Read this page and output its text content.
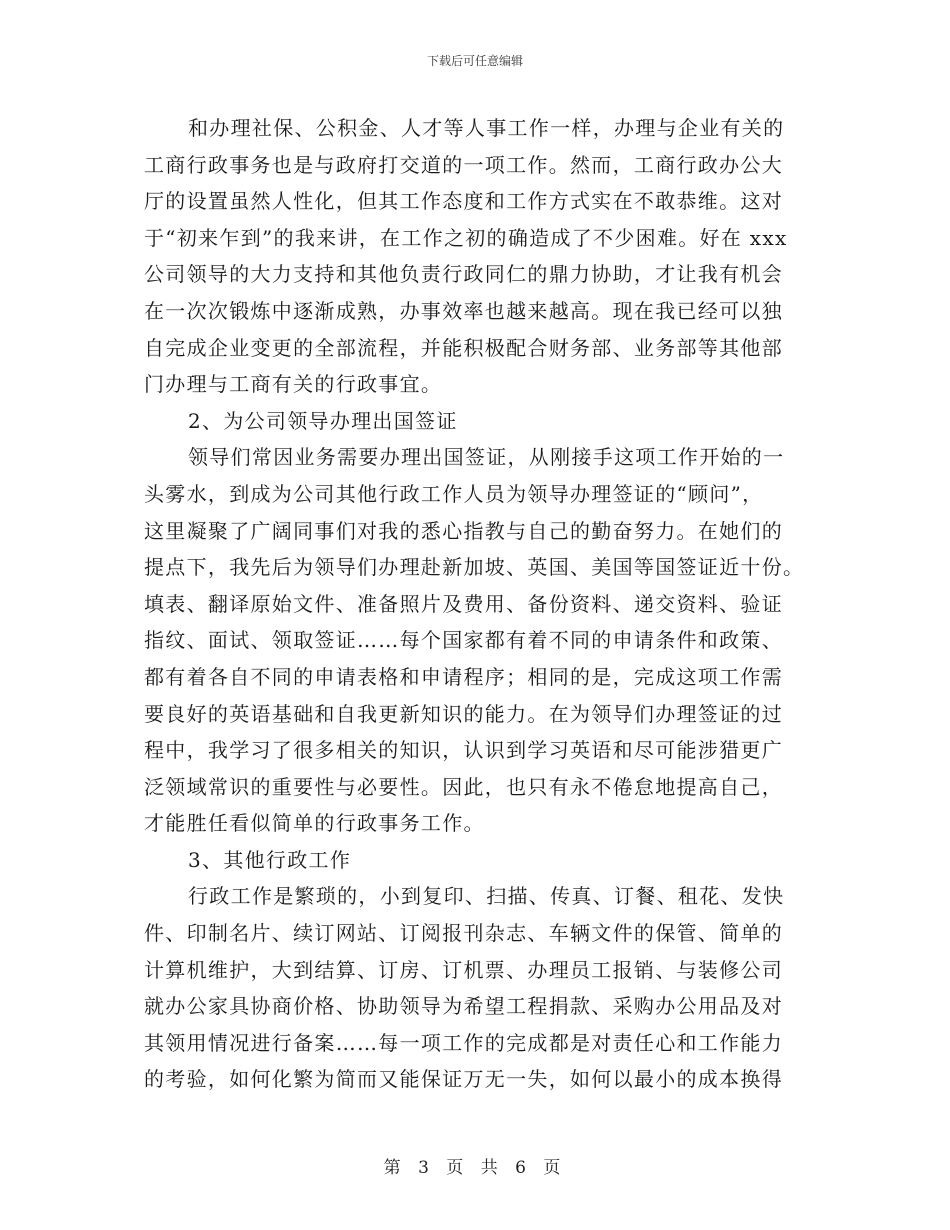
下载后可任意编辑
和办理社保、公积金、人才等人事工作一样，办理与企业有关的
工商行政事务也是与政府打交道的一项工作。然而，工商行政办公大
厅的设置虽然人性化，但其工作态度和工作方式实在不敢恭维。这对
于“初来乍到”的我来讲，在工作之初的确造成了不少困难。好在 xxx
公司领导的大力支持和其他负责行政同仁的鼎力协助，才让我有机会
在一次次锻炼中逐渐成熟，办事效率也越来越高。现在我已经可以独
自完成企业变更的全部流程，并能积极配合财务部、业务部等其他部
门办理与工商有关的行政事宜。
2、为公司领导办理出国签证
领导们常因业务需要办理出国签证，从刚接手这项工作开始的一
头雾水，到成为公司其他行政工作人员为领导办理签证的“顾问”，
这里凝聚了广阔同事们对我的悉心指教与自己的勤奋努力。在她们的
提点下，我先后为领导们办理赴新加坡、英国、美国等国签证近十份。
填表、翻译原始文件、准备照片及费用、备份资料、递交资料、验证
指纹、面试、领取签证……每个国家都有着不同的申请条件和政策、
都有着各自不同的申请表格和申请程序；相同的是，完成这项工作需
要良好的英语基础和自我更新知识的能力。在为领导们办理签证的过
程中，我学习了很多相关的知识，认识到学习英语和尽可能涉猎更广
泛领域常识的重要性与必要性。因此，也只有永不倦怠地提高自己，
才能胜任看似简单的行政事务工作。
3、其他行政工作
行政工作是繁琐的，小到复印、扫描、传真、订餐、租花、发快
件、印制名片、续订网站、订阅报刊杂志、车辆文件的保管、简单的
计算机维护，大到结算、订房、订机票、办理员工报销、与装修公司
就办公家具协商价格、协助领导为希望工程捐款、采购办公用品及对
其领用情况进行备案……每一项工作的完成都是对责任心和工作能力
的考验，如何化繁为简而又能保证万无一失，如何以最小的成本换得
第 3 页 共 6 页
